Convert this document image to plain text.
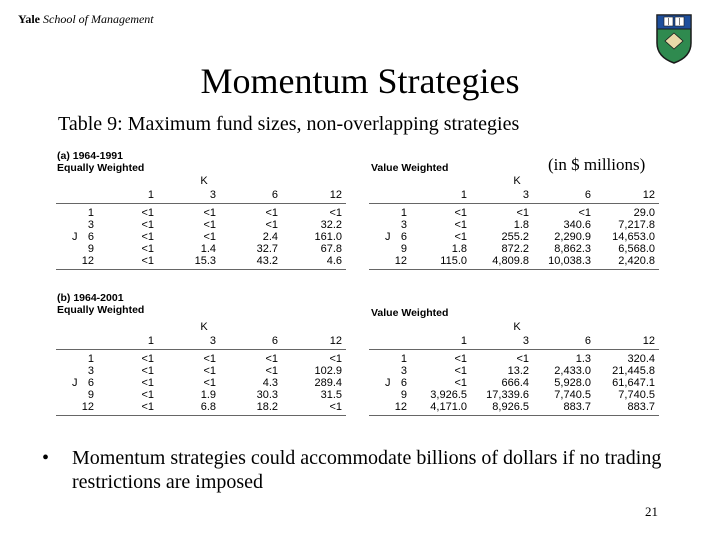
Yale School of Management
Momentum Strategies
Table 9: Maximum fund sizes, non-overlapping strategies
(in $ millions)
(a) 1964-1991
Equally Weighted	Value Weighted
(b) 1964-2001
Equally Weighted	Value Weighted
K
1	3	6	12
1	<1	<1	<1	<1
3	<1	<1	<1	32.2
J 6	<1	<1	2.4	161.0
9	<1	1.4	32.7	67.8
12	<1	15.3	43.2	4.6
K
1	3	6	12
1	<1	<1	<1	29.0
3	<1	1.8	340.6	7,217.8
J 6	<1	255.2	2,290.9	14,653.0
9	1.8	872.2	8,862.3	6,568.0
12	115.0	4,809.8	10,038.3	2,420.8
K
1	3	6	12
1	<1	<1	<1	<1
3	<1	<1	<1	102.9
J 6	<1	<1	4.3	289.4
9	<1	1.9	30.3	31.5
12	<1	6.8	18.2	<1
K
1	3	6	12
1	<1	<1	1.3	320.4
3	<1	13.2	2,433.0	21,445.8
J 6	<1	666.4	5,928.0	61,647.1
9	3,926.5	17,339.6	7,740.5	7,740.5
12	4,171.0	8,926.5	883.7	883.7
• Momentum strategies could accommodate billions of dollars if no trading restrictions are imposed
21
